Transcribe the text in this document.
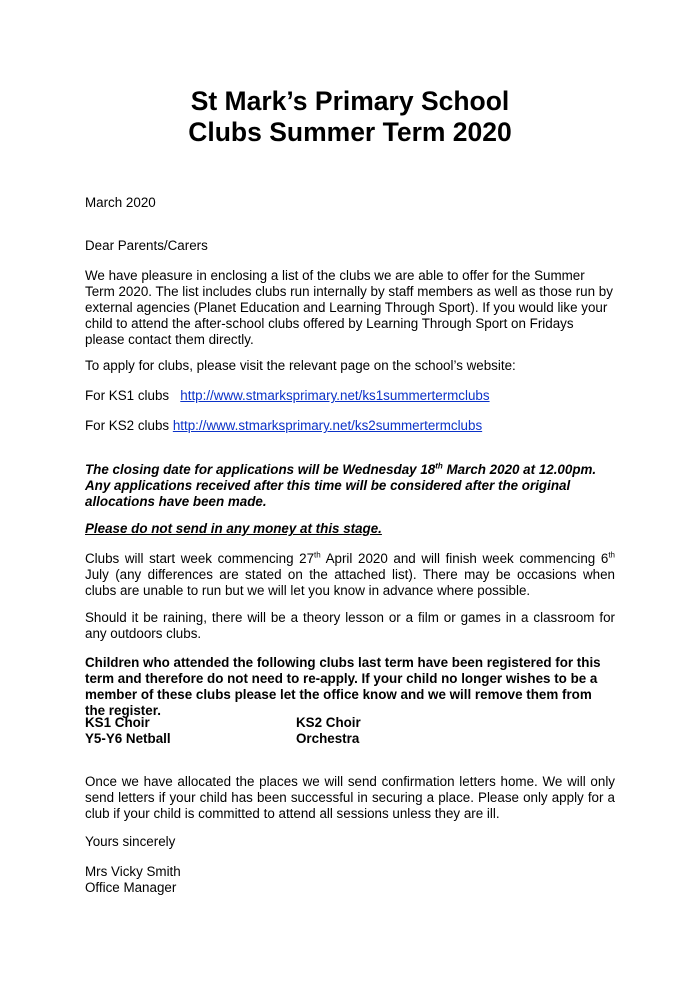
St Mark’s Primary School
Clubs Summer Term 2020
March 2020
Dear Parents/Carers
We have pleasure in enclosing a list of the clubs we are able to offer for the Summer Term 2020. The list includes clubs run internally by staff members as well as those run by external agencies (Planet Education and Learning Through Sport). If you would like your child to attend the after-school clubs offered by Learning Through Sport on Fridays please contact them directly.
To apply for clubs, please visit the relevant page on the school’s website:
For KS1 clubs http://www.stmarksprimary.net/ks1summertermclubs
For KS2 clubs http://www.stmarksprimary.net/ks2summertermclubs
The closing date for applications will be Wednesday 18th March 2020 at 12.00pm. Any applications received after this time will be considered after the original allocations have been made.
Please do not send in any money at this stage.
Clubs will start week commencing 27th April 2020 and will finish week commencing 6th July (any differences are stated on the attached list). There may be occasions when clubs are unable to run but we will let you know in advance where possible.
Should it be raining, there will be a theory lesson or a film or games in a classroom for any outdoors clubs.
Children who attended the following clubs last term have been registered for this term and therefore do not need to re-apply. If your child no longer wishes to be a member of these clubs please let the office know and we will remove them from the register.
KS1 Choir	KS2 Choir
Y5-Y6 Netball	Orchestra
Once we have allocated the places we will send confirmation letters home. We will only send letters if your child has been successful in securing a place. Please only apply for a club if your child is committed to attend all sessions unless they are ill.
Yours sincerely
Mrs Vicky Smith
Office Manager
